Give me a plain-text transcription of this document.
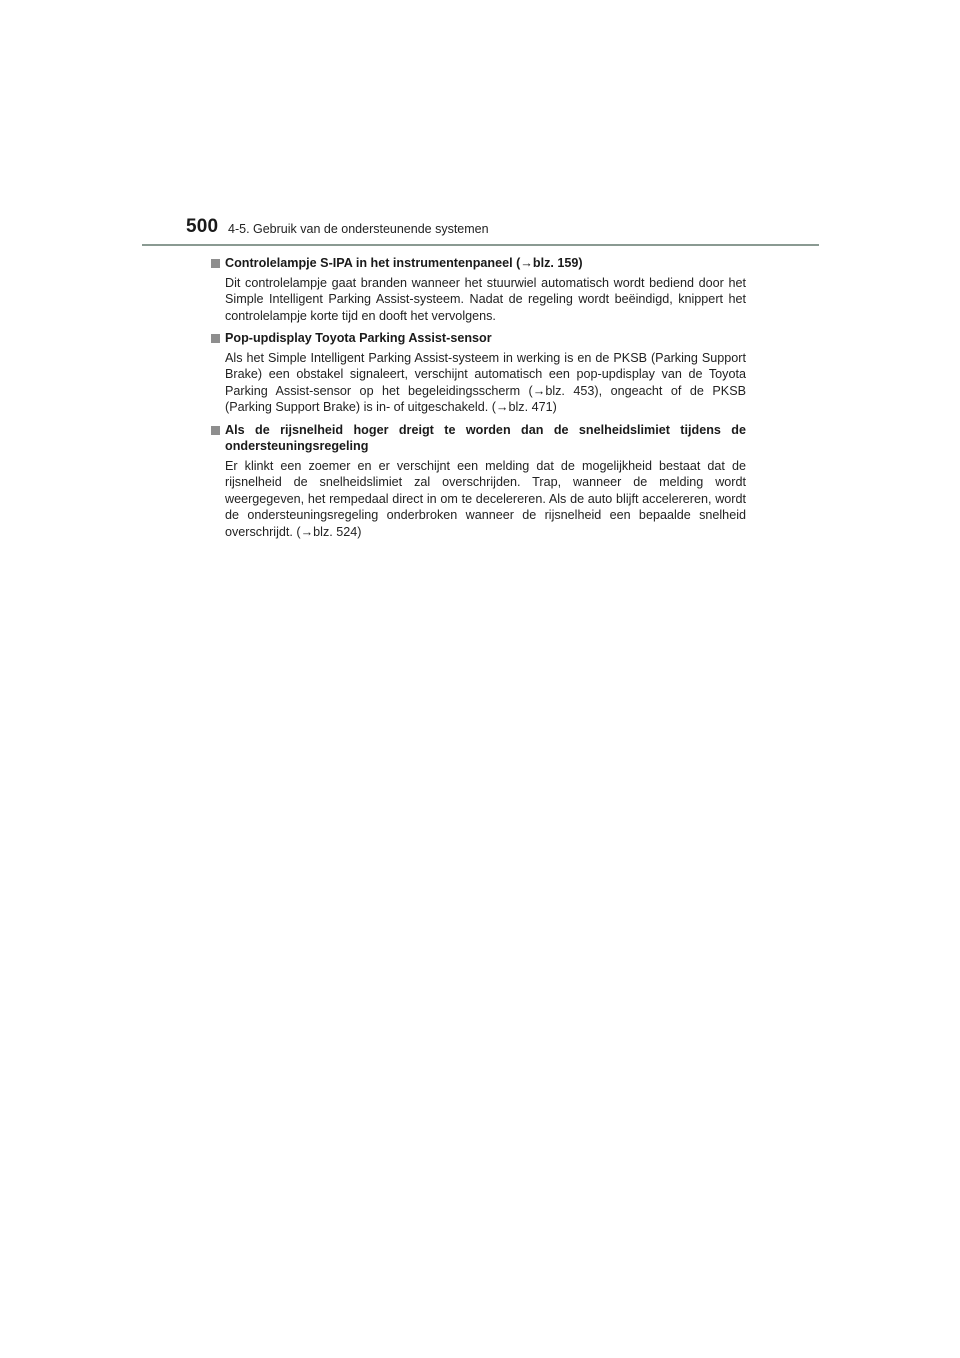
500 4-5. Gebruik van de ondersteunende systemen
Controlelampje S-IPA in het instrumentenpaneel (→blz. 159)
Dit controlelampje gaat branden wanneer het stuurwiel automatisch wordt bediend door het Simple Intelligent Parking Assist-systeem. Nadat de regeling wordt beëindigd, knippert het controlelampje korte tijd en dooft het vervolgens.
Pop-updisplay Toyota Parking Assist-sensor
Als het Simple Intelligent Parking Assist-systeem in werking is en de PKSB (Parking Support Brake) een obstakel signaleert, verschijnt automatisch een pop-updisplay van de Toyota Parking Assist-sensor op het begeleidingsscherm (→blz. 453), ongeacht of de PKSB (Parking Support Brake) is in- of uitgeschakeld. (→blz. 471)
Als de rijsnelheid hoger dreigt te worden dan de snelheidslimiet tijdens de ondersteuningsregeling
Er klinkt een zoemer en er verschijnt een melding dat de mogelijkheid bestaat dat de rijsnelheid de snelheidslimiet zal overschrijden. Trap, wanneer de melding wordt weergegeven, het rempedaal direct in om te decelereren. Als de auto blijft accelereren, wordt de ondersteuningsregeling onderbroken wanneer de rijsnelheid een bepaalde snelheid overschrijdt. (→blz. 524)
